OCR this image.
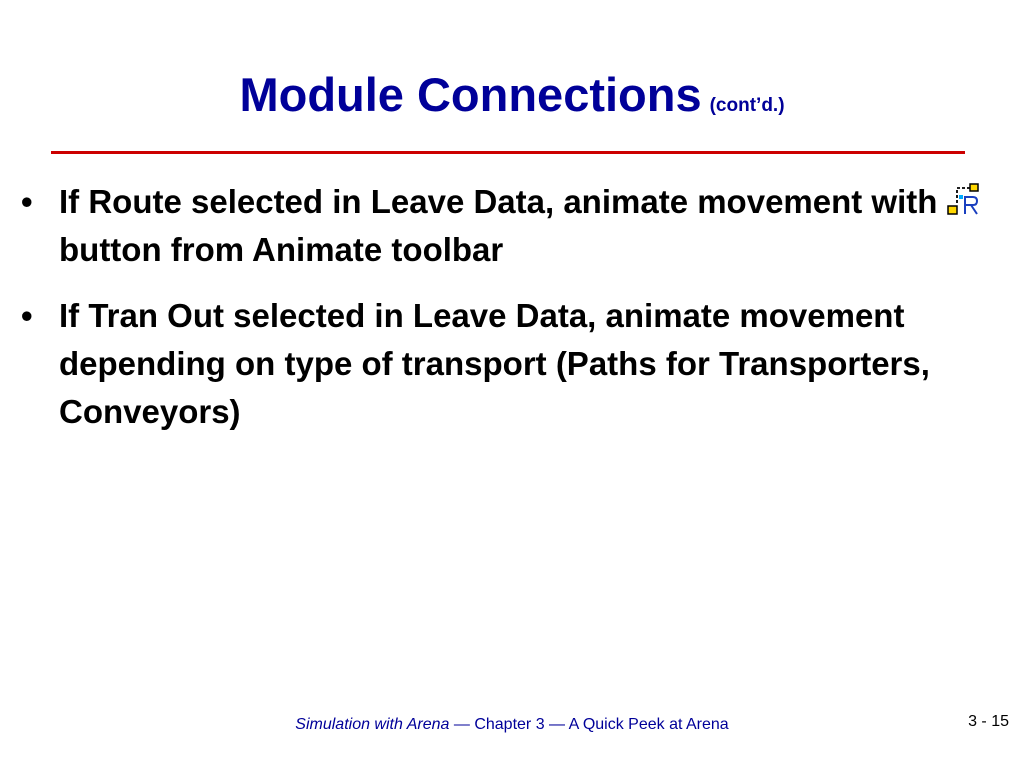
Module Connections (cont’d.)
• If Route selected in Leave Data, animate movement withbutton from Animate toolbar
• If Tran Out selected in Leave Data, animate movement depending on type of transport (Paths for Transporters, Conveyors)
Simulation with Arena — Chapter 3 — A Quick Peek at Arena	3 - 15
